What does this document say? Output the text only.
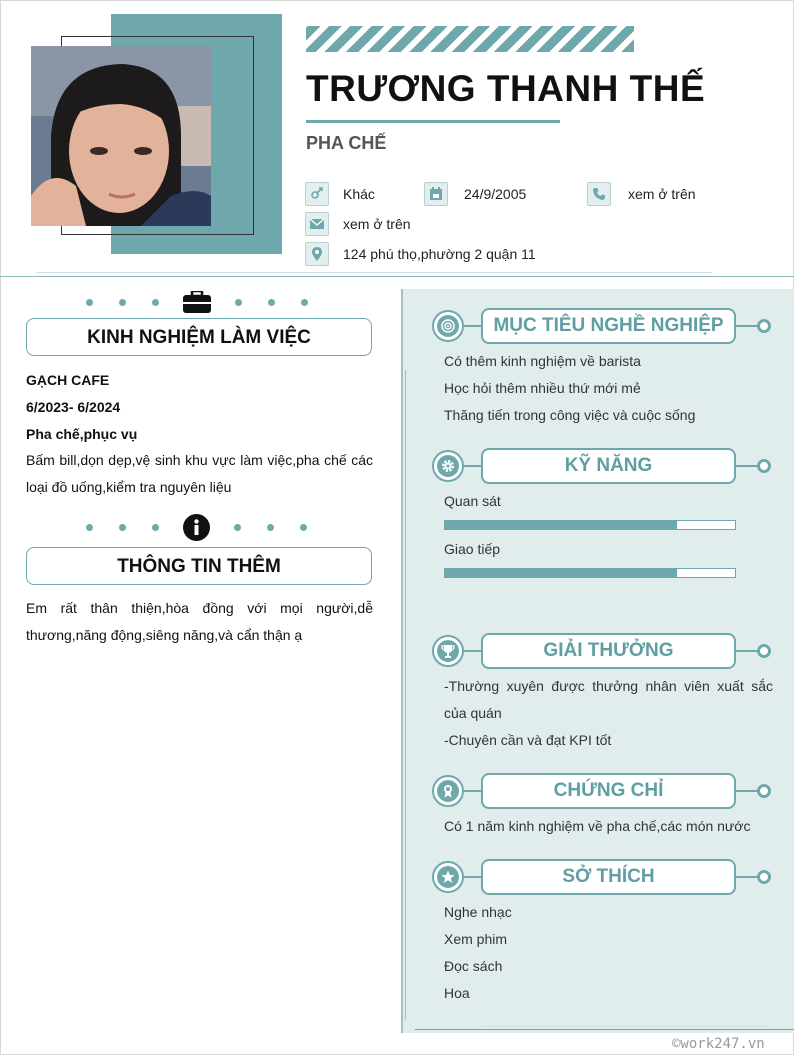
TRƯƠNG THANH THẾ
PHA CHẾ
Khác	24/9/2005	xem ở trên
xem ở trên
124 phú thọ,phường 2 quận 11
KINH NGHIỆM LÀM VIỆC
GẠCH CAFE
6/2023- 6/2024
Pha chế,phục vụ
Bấm bill,dọn dẹp,vệ sinh khu vực làm việc,pha chế các loại đồ uống,kiểm tra nguyên liệu
THÔNG TIN THÊM
Em rất thân thiện,hòa đồng với mọi người,dễ thương,năng động,siêng năng,và cẩn thận ạ
MỤC TIÊU NGHỀ NGHIỆP
Có thêm kinh nghiệm về barista
Học hỏi thêm nhiều thứ mới mẻ
Thăng tiến trong công việc và cuộc sống
KỸ NĂNG
Quan sát
Giao tiếp
GIẢI THƯỞNG
-Thường xuyên được thưởng nhân viên xuất sắc của quán
-Chuyên cần và đạt KPI tốt
CHỨNG CHỈ
Có 1 năm kinh nghiệm về pha chế,các món nước
SỞ THÍCH
Nghe nhạc
Xem phim
Đọc sách
Hoa
©work247.vn
